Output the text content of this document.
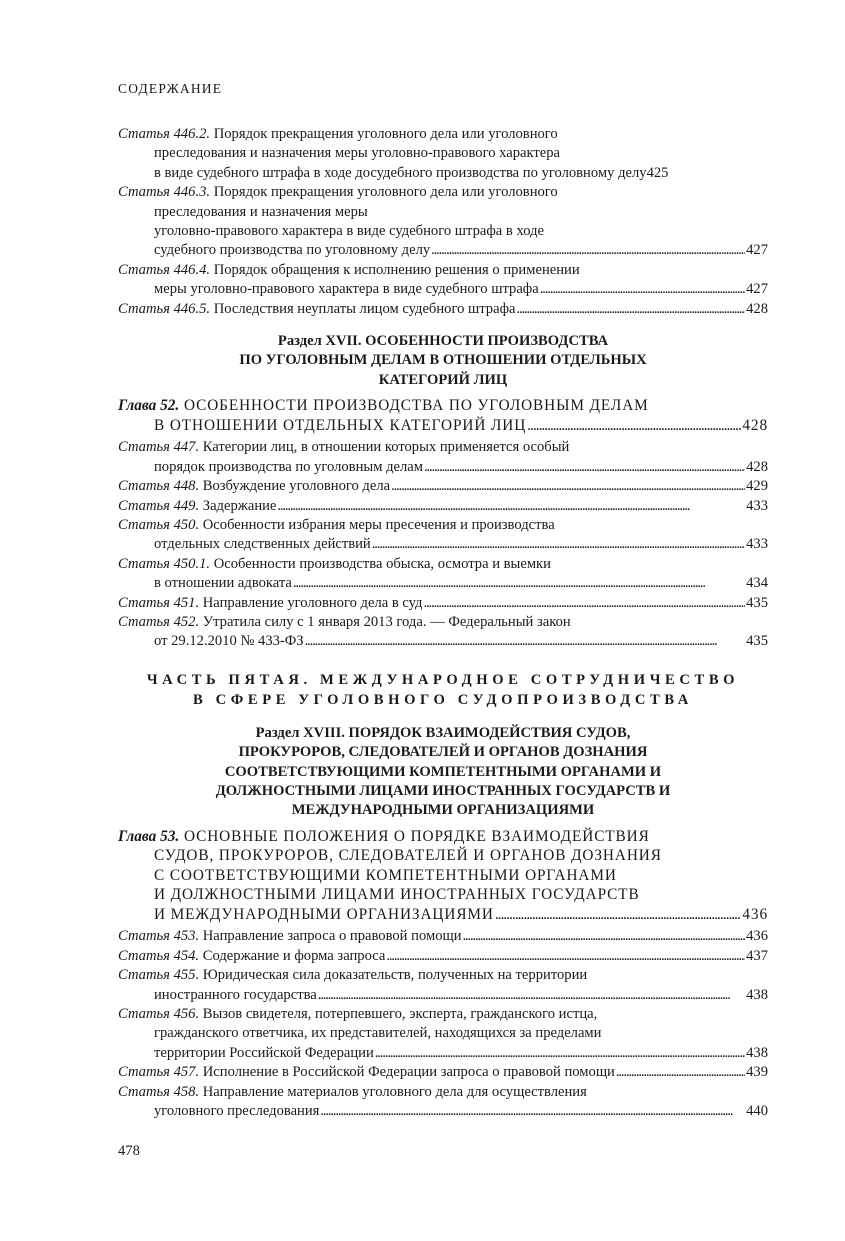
СОДЕРЖАНИЕ
Статья 446.2.
Порядок прекращения уголовного дела или уголовного
преследования и назначения меры уголовно-правового характера
в виде судебного штрафа в ходе досудебного производства по уголовному делу 425
Статья 446.3.
Порядок прекращения уголовного дела или уголовного
преследования и назначения меры
уголовно-правового характера в виде судебного штрафа в ходе
судебного производства по уголовному делу . . .	427
Статья 446.4.
Порядок обращения к исполнению решения о применении
меры уголовно-правового характера в виде судебного штрафа . . .	427
Статья 446.5.
Последствия неуплаты лицом судебного штрафа . . .	428
Раздел XVII. ОСОБЕННОСТИ ПРОИЗВОДСТВА
ПО УГОЛОВНЫМ ДЕЛАМ В ОТНОШЕНИИ ОТДЕЛЬНЫХ
КАТЕГОРИЙ ЛИЦ
Глава 52.
ОСОБЕННОСТИ ПРОИЗВОДСТВА ПО УГОЛОВНЫМ ДЕЛАМ
В ОТНОШЕНИИ ОТДЕЛЬНЫХ КАТЕГОРИЙ ЛИЦ . . .	428
Статья 447.
Категории лиц, в отношении которых применяется особый
порядок производства по уголовным делам . . .	428
Статья 448.
Возбуждение уголовного дела . . .	429
Статья 449.
Задержание . . .	433
Статья 450.
Особенности избрания меры пресечения и производства
отдельных следственных действий . . .	433
Статья 450.1.
Особенности производства обыска, осмотра и выемки
в отношении адвоката . . .	434
Статья 451.
Направление уголовного дела в суд . . .	435
Статья 452.
Утратила силу с 1 января 2013 года. — Федеральный закон
от 29.12.2010 № 433-ФЗ . . .	435
ЧАСТЬ ПЯТАЯ. МЕЖДУНАРОДНОЕ СОТРУДНИЧЕСТВО
В СФЕРЕ УГОЛОВНОГО СУДОПРОИЗВОДСТВА
Раздел XVIII. ПОРЯДОК ВЗАИМОДЕЙСТВИЯ СУДОВ,
ПРОКУРОРОВ, СЛЕДОВАТЕЛЕЙ И ОРГАНОВ ДОЗНАНИЯ
СООТВЕТСТВУЮЩИМИ КОМПЕТЕНТНЫМИ ОРГАНАМИ И
ДОЛЖНОСТНЫМИ ЛИЦАМИ ИНОСТРАННЫХ ГОСУДАРСТВ И
МЕЖДУНАРОДНЫМИ ОРГАНИЗАЦИЯМИ
Глава 53.
ОСНОВНЫЕ ПОЛОЖЕНИЯ О ПОРЯДКЕ ВЗАИМОДЕЙСТВИЯ
СУДОВ, ПРОКУРОРОВ, СЛЕДОВАТЕЛЕЙ И ОРГАНОВ ДОЗНАНИЯ
С СООТВЕТСТВУЮЩИМИ КОМПЕТЕНТНЫМИ ОРГАНАМИ
И ДОЛЖНОСТНЫМИ ЛИЦАМИ ИНОСТРАННЫХ ГОСУДАРСТВ
И МЕЖДУНАРОДНЫМИ ОРГАНИЗАЦИЯМИ . . .	436
Статья 453.
Направление запроса о правовой помощи . . .	436
Статья 454.
Содержание и форма запроса . . .	437
Статья 455.
Юридическая сила доказательств, полученных на территории
иностранного государства . . .	438
Статья 456.
Вызов свидетеля, потерпевшего, эксперта, гражданского истца,
гражданского ответчика, их представителей, находящихся за пределами
территории Российской Федерации . . .	438
Статья 457.
Исполнение в Российской Федерации запроса о правовой помощи . . .	439
Статья 458.
Направление материалов уголовного дела для осуществления
уголовного преследования . . .	440
478
